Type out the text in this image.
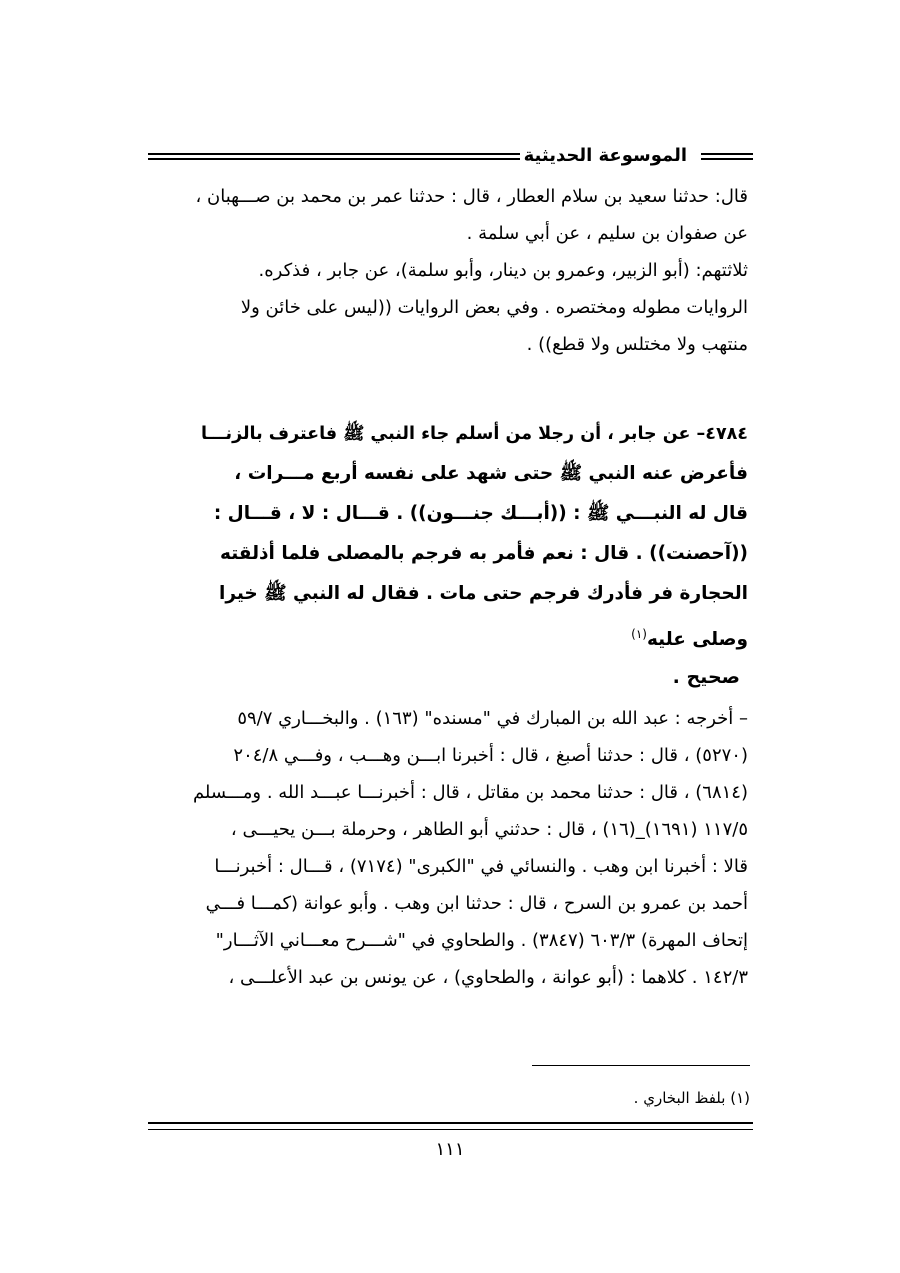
الموسوعة الحديثية
قال: حدثنا سعيد بن سلام العطار ، قال : حدثنا عمر بن محمد بن صـــهبان ،
عن صفوان بن سليم ، عن أبي سلمة .
ثلاثتهم: (أبو الزبير، وعمرو بن دينار، وأبو سلمة)، عن جابر ، فذكره.
الروايات مطوله ومختصره . وفي بعض الروايات ((ليس على خائن ولا
منتهب ولا مختلس ولا قطع)) .
٤٧٨٤– عن جابر ، أن رجلا من أسلم جاء النبي ﷺ فاعترف بالزنـــا
فأعرض عنه النبي ﷺ حتى شهد على نفسه أربع مـــرات ،
قال له النبـــي ﷺ : ((أبـــك جنـــون)) . قـــال : لا ، قـــال :
((آحصنت)) . قال : نعم فأمر به فرجم بالمصلى فلما أذلقته
الحجارة فر فأدرك فرجم حتى مات . فقال له النبي ﷺ خيرا
وصلى عليه$^{(١)}$
صحيح .
– أخرجه : عبد الله بن المبارك في "مسنده" (١٦٣) . والبخـــاري ٥٩/٧
(٥٢٧٠) ، قال : حدثنا أصبغ ، قال : أخبرنا ابـــن وهـــب ، وفـــي ٢٠٤/٨
(٦٨١٤) ، قال : حدثنا محمد بن مقاتل ، قال : أخبرنـــا عبـــد الله . ومـــسلم
١١٧/٥ (١٦٩١)_(١٦) ، قال : حدثني أبو الطاهر ، وحرملة بـــن يحيـــى ،
قالا : أخبرنا ابن وهب . والنسائي في "الكبرى" (٧١٧٤) ، قـــال : أخبرنـــا
أحمد بن عمرو بن السرح ، قال : حدثنا ابن وهب . وأبو عوانة (كمـــا فـــي
إتحاف المهرة) ٦٠٣/٣ (٣٨٤٧) . والطحاوي في "شـــرح معـــاني الآثـــار"
١٤٢/٣ . كلاهما : (أبو عوانة ، والطحاوي) ، عن يونس بن عبد الأعلـــى ،
(١) بلفظ البخاري .
١١١
